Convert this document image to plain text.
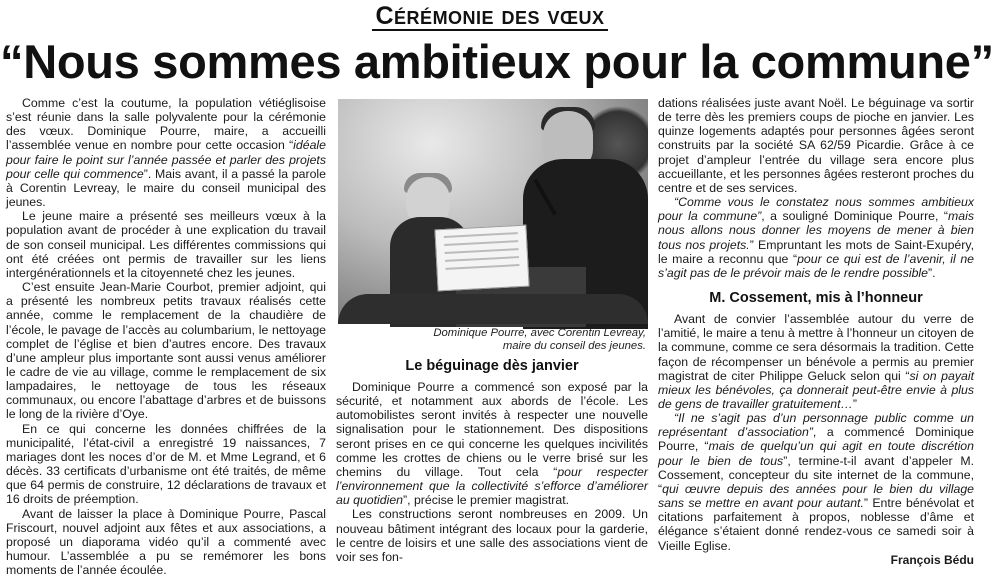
Cérémonie des vœux
“Nous sommes ambitieux pour la commune”

Comme c’est la coutume, la population vétiéglisoise s’est réunie dans la salle polyvalente pour la cérémonie des vœux. Dominique Pourre, maire, a accueilli l’assemblée venue en nombre pour cette occasion “idéale pour faire le point sur l’année passée et parler des projets pour celle qui commence”. Mais avant, il a passé la parole à Corentin Levreay, le maire du conseil municipal des jeunes.

Le jeune maire a présenté ses meilleurs vœux à la population avant de procéder à une explication du travail de son conseil municipal. Les différentes commissions qui ont été créées ont permis de travailler sur les liens intergénérationnels et la citoyenneté chez les jeunes.

C’est ensuite Jean-Marie Courbot, premier adjoint, qui a présenté les nombreux petits travaux réalisés cette année, comme le remplacement de la chaudière de l’école, le pavage de l’accès au columbarium, le nettoyage complet de l’église et bien d’autres encore. Des travaux d’une ampleur plus importante sont aussi venus améliorer le cadre de vie au village, comme le remplacement de six lampadaires, le nettoyage de tous les réseaux communaux, ou encore l’abattage d’arbres et de buissons le long de la rivière d’Oye.

En ce qui concerne les données chiffrées de la municipalité, l’état-civil a enregistré 19 naissances, 7 mariages dont les noces d’or de M. et Mme Legrand, et 6 décès. 33 certificats d’urbanisme ont été traités, de même que 64 permis de construire, 12 déclarations de travaux et 16 droits de préemption.

Avant de laisser la place à Dominique Pourre, Pascal Friscourt, nouvel adjoint aux fêtes et aux associations, a proposé un diaporama vidéo qu’il a commenté avec humour. L’assemblée a pu se remémorer les bons moments de l’année écoulée.

Dominique Pourre, avec Corentin Levreay,
maire du conseil des jeunes.
Le béguinage dès janvier

Dominique Pourre a commencé son exposé par la sécurité, et notamment aux abords de l’école. Les automobilistes seront invités à respecter une nouvelle signalisation pour le stationnement. Des dispositions seront prises en ce qui concerne les quelques incivilités comme les crottes de chiens ou le verre brisé sur les chemins du village. Tout cela “pour respecter l’environnement que la collectivité s’efforce d’améliorer au quotidien”, précise le premier magistrat.

Les constructions seront nombreuses en 2009. Un nouveau bâtiment intégrant des locaux pour la garderie, le centre de loisirs et une salle des associations vient de voir ses fon-

dations réalisées juste avant Noël. Le béguinage va sortir de terre dès les premiers coups de pioche en janvier. Les quinze logements adaptés pour personnes âgées seront construits par la société SA 62/59 Picardie. Grâce à ce projet d’ampleur l’entrée du village sera encore plus accueillante, et les personnes âgées resteront proches du centre et de ses services.

“Comme vous le constatez nous sommes ambitieux pour la commune”, a souligné Dominique Pourre, “mais nous allons nous donner les moyens de mener à bien tous nos projets.” Empruntant les mots de Saint-Exupéry, le maire a reconnu que “pour ce qui est de l’avenir, il ne s’agit pas de le prévoir mais de le rendre possible”.

M. Cossement, mis à l’honneur

Avant de convier l’assemblée autour du verre de l’amitié, le maire a tenu à mettre à l’honneur un citoyen de la commune, comme ce sera désormais la tradition. Cette façon de récompenser un bénévole a permis au premier magistrat de citer Philippe Geluck selon qui “si on payait mieux les bénévoles, ça donnerait peut-être envie à plus de gens de travailler gratuitement…”

“Il ne s’agit pas d’un personnage public comme un représentant d’association”, a commencé Dominique Pourre, “mais de quelqu’un qui agit en toute discrétion pour le bien de tous”, termine-t-il avant d’appeler M. Cossement, concepteur du site internet de la commune, “qui œuvre depuis des années pour le bien du village sans se mettre en avant pour autant.” Entre bénévolat et citations parfaitement à propos, noblesse d’âme et élégance s’étaient donné rendez-vous ce samedi soir à Vieille Eglise.

François Bédu
